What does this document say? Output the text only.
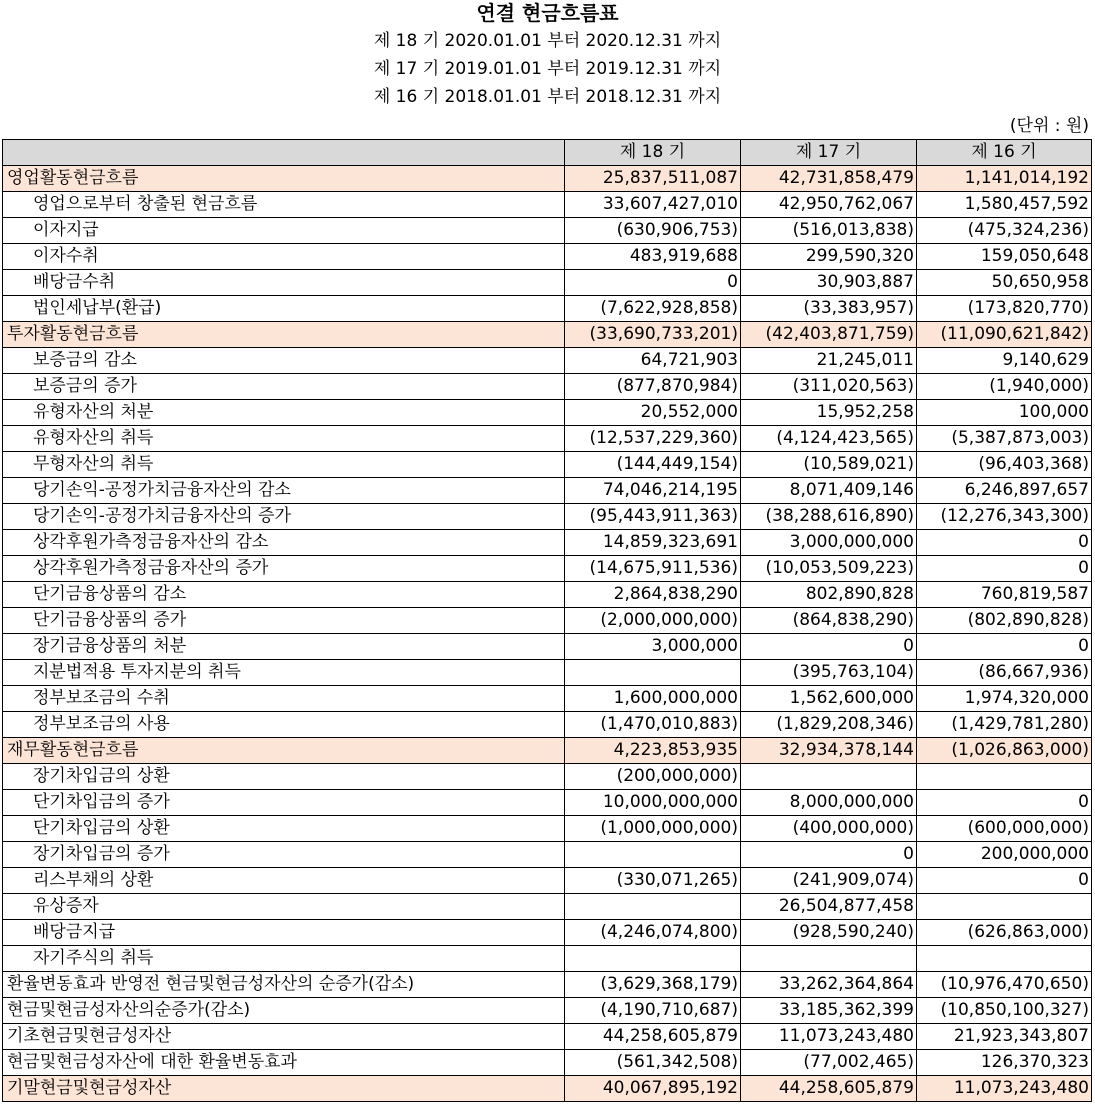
연결 현금흐름표
제 18 기 2020.01.01 부터 2020.12.31 까지
제 17 기 2019.01.01 부터 2019.12.31 까지
제 16 기 2018.01.01 부터 2018.12.31 까지
(단위 : 원)
	제 18 기	제 17 기	제 16 기
영업활동현금흐름	25,837,511,087	42,731,858,479	1,141,014,192
영업으로부터 창출된 현금흐름	33,607,427,010	42,950,762,067	1,580,457,592
이자지급	(630,906,753)	(516,013,838)	(475,324,236)
이자수취	483,919,688	299,590,320	159,050,648
배당금수취	0	30,903,887	50,650,958
법인세납부(환급)	(7,622,928,858)	(33,383,957)	(173,820,770)
투자활동현금흐름	(33,690,733,201)	(42,403,871,759)	(11,090,621,842)
보증금의 감소	64,721,903	21,245,011	9,140,629
보증금의 증가	(877,870,984)	(311,020,563)	(1,940,000)
유형자산의 처분	20,552,000	15,952,258	100,000
유형자산의 취득	(12,537,229,360)	(4,124,423,565)	(5,387,873,003)
무형자산의 취득	(144,449,154)	(10,589,021)	(96,403,368)
당기손익-공정가치금융자산의 감소	74,046,214,195	8,071,409,146	6,246,897,657
당기손익-공정가치금융자산의 증가	(95,443,911,363)	(38,288,616,890)	(12,276,343,300)
상각후원가측정금융자산의 감소	14,859,323,691	3,000,000,000	0
상각후원가측정금융자산의 증가	(14,675,911,536)	(10,053,509,223)	0
단기금융상품의 감소	2,864,838,290	802,890,828	760,819,587
단기금융상품의 증가	(2,000,000,000)	(864,838,290)	(802,890,828)
장기금융상품의 처분	3,000,000	0	0
지분법적용 투자지분의 취득		(395,763,104)	(86,667,936)
정부보조금의 수취	1,600,000,000	1,562,600,000	1,974,320,000
정부보조금의 사용	(1,470,010,883)	(1,829,208,346)	(1,429,781,280)
재무활동현금흐름	4,223,853,935	32,934,378,144	(1,026,863,000)
장기차입금의 상환	(200,000,000)		
단기차입금의 증가	10,000,000,000	8,000,000,000	0
단기차입금의 상환	(1,000,000,000)	(400,000,000)	(600,000,000)
장기차입금의 증가		0	200,000,000
리스부채의 상환	(330,071,265)	(241,909,074)	0
유상증자		26,504,877,458	
배당금지급	(4,246,074,800)	(928,590,240)	(626,863,000)
자기주식의 취득			
환율변동효과 반영전 현금및현금성자산의 순증가(감소)	(3,629,368,179)	33,262,364,864	(10,976,470,650)
현금및현금성자산의순증가(감소)	(4,190,710,687)	33,185,362,399	(10,850,100,327)
기초현금및현금성자산	44,258,605,879	11,073,243,480	21,923,343,807
현금및현금성자산에 대한 환율변동효과	(561,342,508)	(77,002,465)	126,370,323
기말현금및현금성자산	40,067,895,192	44,258,605,879	11,073,243,480
